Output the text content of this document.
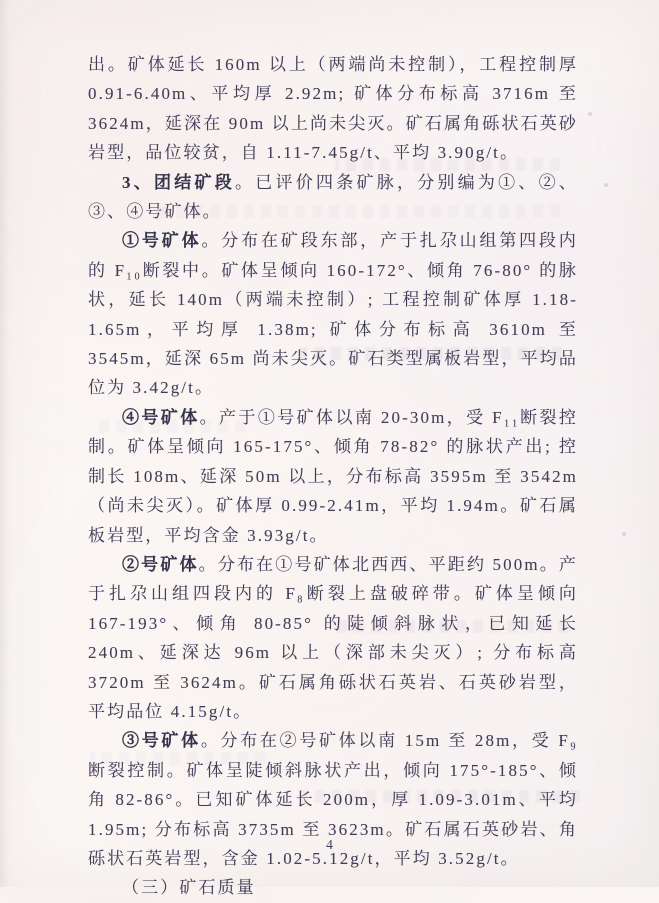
出。矿体延长 160m 以上（两端尚未控制），工程控制厚 0.91-6.40m、平均厚 2.92m; 矿体分布标高 3716m 至 3624m，延深在 90m 以上尚未尖灭。矿石属角砾状石英砂岩型，品位较贫，自 1.11-7.45g/t、平均 3.90g/t。

3、团结矿段。已评价四条矿脉，分别编为①、②、③、④号矿体。

①号矿体。分布在矿段东部，产于扎尕山组第四段内的 F₁₀断裂中。矿体呈倾向 160-172°、倾角 76-80° 的脉状，延长 140m（两端未控制）; 工程控制矿体厚 1.18-1.65m，平均厚 1.38m; 矿体分布标高 3610m 至 3545m，延深 65m 尚未尖灭。矿石类型属板岩型，平均品位为 3.42g/t。

④号矿体。产于①号矿体以南 20-30m，受 F₁₁断裂控制。矿体呈倾向 165-175°、倾角 78-82° 的脉状产出; 控制长 108m、延深 50m 以上，分布标高 3595m 至 3542m（尚未尖灭）。矿体厚 0.99-2.41m，平均 1.94m。矿石属板岩型，平均含金 3.93g/t。

②号矿体。分布在①号矿体北西西、平距约 500m。产于扎尕山组四段内的 F₈断裂上盘破碎带。矿体呈倾向 167-193°、倾角 80-85° 的陡倾斜脉状，已知延长 240m、延深达 96m 以上（深部未尖灭）; 分布标高 3720m 至 3624m。矿石属角砾状石英岩、石英砂岩型，平均品位 4.15g/t。

③号矿体。分布在②号矿体以南 15m 至 28m，受 F₉断裂控制。矿体呈陡倾斜脉状产出，倾向 175°-185°、倾角 82-86°。已知矿体延长 200m，厚 1.09-3.01m、平均 1.95m; 分布标高 3735m 至 3623m。矿石属石英砂岩、角砾状石英岩型，含金 1.02-5.12g/t，平均 3.52g/t。

（三）矿石质量

4
